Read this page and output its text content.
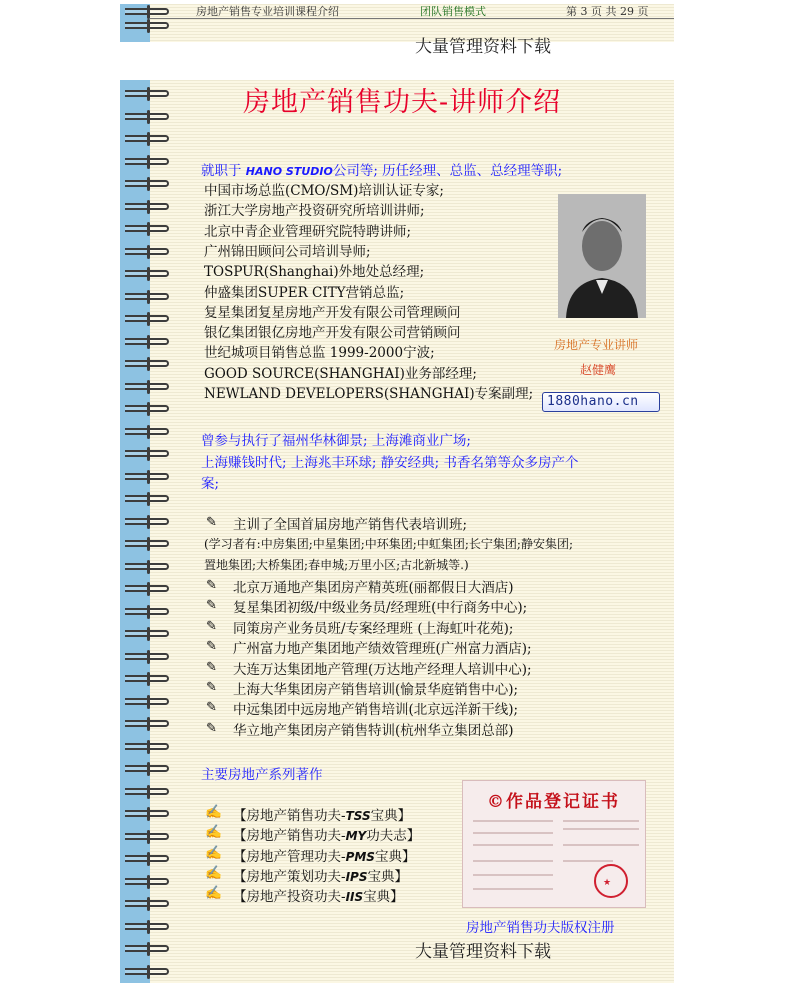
房地产销售专业培训课程介绍	团队销售模式	第 3 页 共 29 页
大量管理资料下载
房地产销售功夫-讲师介绍
就职于 HANO STUDIO公司等; 历任经理、总监、总经理等职;
中国市场总监(CMO/SM)培训认证专家;
浙江大学房地产投资研究所培训讲师;
北京中青企业管理研究院特聘讲师;
广州锦田顾问公司培训导师;
TOSPUR(Shanghai)外地处总经理;
仲盛集团SUPER CITY营销总监;
复星集团复星房地产开发有限公司管理顾问
银亿集团银亿房地产开发有限公司营销顾问
世纪城项目销售总监 1999-2000宁波;
GOOD SOURCE(SHANGHAI)业务部经理;
NEWLAND DEVELOPERS(SHANGHAI)专案副理;
房地产专业讲师
赵健鹰
1880hano.cn
曾参与执行了福州华林御景; 上海滩商业广场;
上海赚钱时代; 上海兆丰环球; 静安经典; 书香名第等众多房产个
案;
✎ 主训了全国首届房地产销售代表培训班;
(学习者有:中房集团;中星集团;中环集团;中虹集团;长宁集团;静安集团;
置地集团;大桥集团;春申城;万里小区;古北新城等.)
✎ 北京万通地产集团房产精英班(丽都假日大酒店)
✎ 复星集团初级/中级业务员/经理班(中行商务中心);
✎ 同策房产业务员班/专案经理班 (上海虹叶花苑);
✎ 广州富力地产集团地产绩效管理班(广州富力酒店);
✎ 大连万达集团地产管理(万达地产经理人培训中心);
✎ 上海大华集团房产销售培训(愉景华庭销售中心);
✎ 中远集团中远房地产销售培训(北京远洋新干线);
✎ 华立地产集团房产销售特训(杭州华立集团总部)
主要房地产系列著作
✍ 【房地产销售功夫-TSS宝典】
✍ 【房地产销售功夫-MY功夫志】
✍ 【房地产管理功夫-PMS宝典】
✍ 【房地产策划功夫-IPS宝典】
✍ 【房地产投资功夫-IIS宝典】
©作品登记证书
★
房地产销售功夫版权注册
大量管理资料下载
